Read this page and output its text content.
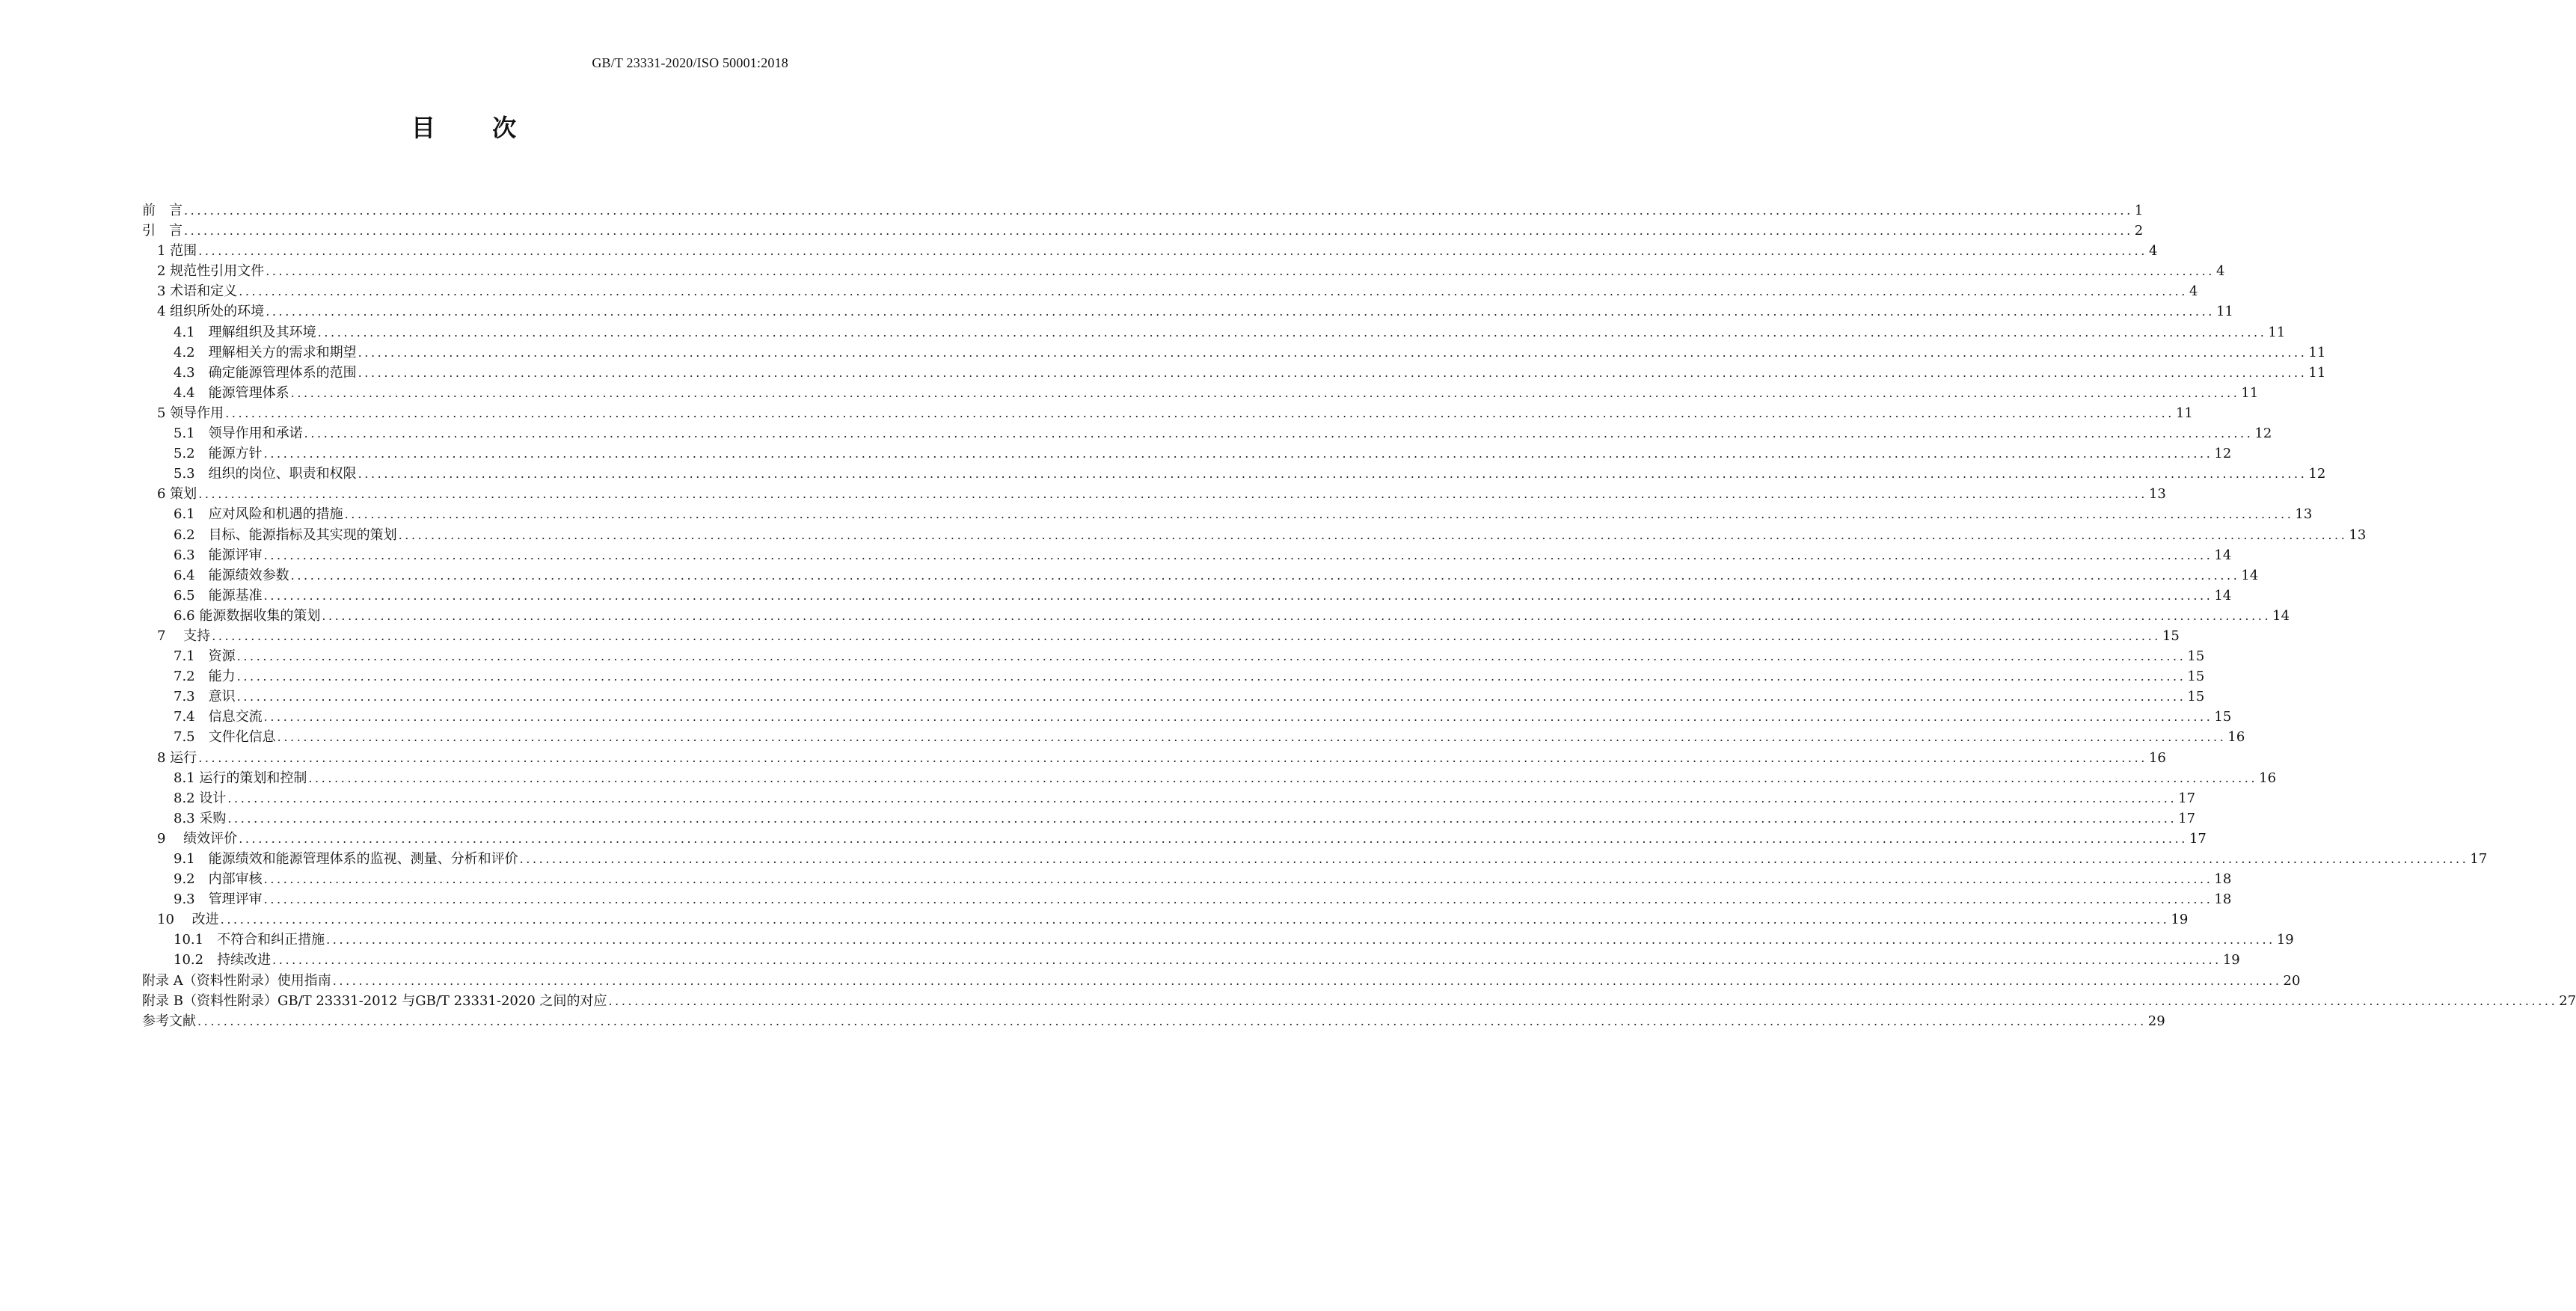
GB/T 23331-2020/ISO 50001:2018
目 次
前　言 ............................................................................................................................................................................................................................................................................................................ 1
引　言 ............................................................................................................................................................................................................................................................................................................ 2
1 范围 ............................................................................................................................................................................................................................................................................................................ 4
2 规范性引用文件 ............................................................................................................................................................................................................................................................................................................ 4
3 术语和定义 ............................................................................................................................................................................................................................................................................................................ 4
4 组织所处的环境 ............................................................................................................................................................................................................................................................................................................ 11
4.1　理解组织及其环境 ............................................................................................................................................................................................................................................................................................................ 11
4.2　理解相关方的需求和期望 ............................................................................................................................................................................................................................................................................................................ 11
4.3　确定能源管理体系的范围 ............................................................................................................................................................................................................................................................................................................ 11
4.4　能源管理体系 ............................................................................................................................................................................................................................................................................................................ 11
5 领导作用 ............................................................................................................................................................................................................................................................................................................ 11
5.1　领导作用和承诺 ............................................................................................................................................................................................................................................................................................................ 12
5.2　能源方针 ............................................................................................................................................................................................................................................................................................................ 12
5.3　组织的岗位、职责和权限 ............................................................................................................................................................................................................................................................................................................ 12
6 策划 ............................................................................................................................................................................................................................................................................................................ 13
6.1　应对风险和机遇的措施 ............................................................................................................................................................................................................................................................................................................ 13
6.2　目标、能源指标及其实现的策划 ............................................................................................................................................................................................................................................................................................................ 13
6.3　能源评审 ............................................................................................................................................................................................................................................................................................................ 14
6.4　能源绩效参数 ............................................................................................................................................................................................................................................................................................................ 14
6.5　能源基准 ............................................................................................................................................................................................................................................................................................................ 14
6.6 能源数据收集的策划 ............................................................................................................................................................................................................................................................................................................ 14
7　 支持 ............................................................................................................................................................................................................................................................................................................ 15
7.1　资源 ............................................................................................................................................................................................................................................................................................................ 15
7.2　能力 ............................................................................................................................................................................................................................................................................................................ 15
7.3　意识 ............................................................................................................................................................................................................................................................................................................ 15
7.4　信息交流 ............................................................................................................................................................................................................................................................................................................ 15
7.5　文件化信息 ............................................................................................................................................................................................................................................................................................................ 16
8 运行 ............................................................................................................................................................................................................................................................................................................ 16
8.1 运行的策划和控制 ............................................................................................................................................................................................................................................................................................................ 16
8.2 设计 ............................................................................................................................................................................................................................................................................................................ 17
8.3 采购 ............................................................................................................................................................................................................................................................................................................ 17
9　 绩效评价 ............................................................................................................................................................................................................................................................................................................ 17
9.1　能源绩效和能源管理体系的监视、测量、分析和评价 ............................................................................................................................................................................................................................................................................................................ 17
9.2　内部审核 ............................................................................................................................................................................................................................................................................................................ 18
9.3　管理评审 ............................................................................................................................................................................................................................................................................................................ 18
10　 改进 ............................................................................................................................................................................................................................................................................................................ 19
10.1　不符合和纠正措施 ............................................................................................................................................................................................................................................................................................................ 19
10.2　持续改进 ............................................................................................................................................................................................................................................................................................................ 19
附录 A（资料性附录）使用指南 ............................................................................................................................................................................................................................................................................................................ 20
附录 B（资料性附录）GB/T 23331-2012 与GB/T 23331-2020 之间的对应 ............................................................................................................................................................................................................................................................................................................ 27
参考文献 ............................................................................................................................................................................................................................................................................................................ 29
